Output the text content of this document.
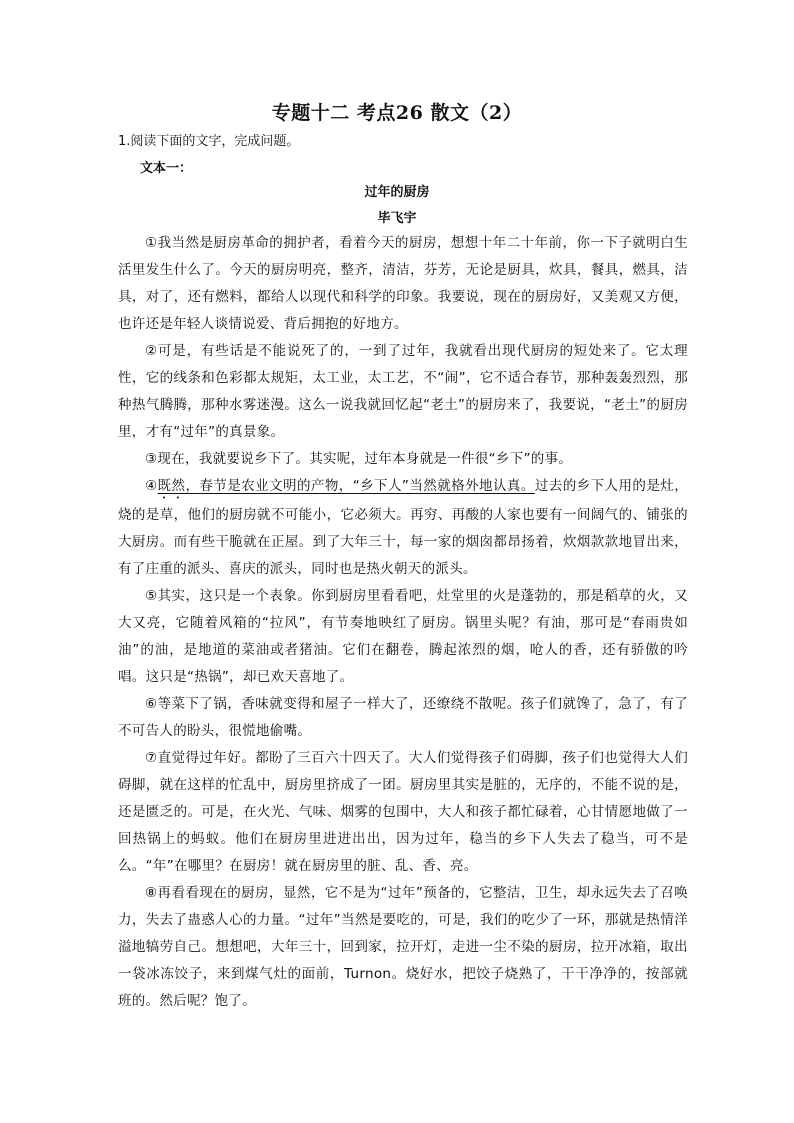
专题十二 考点26 散文（2）
1.阅读下面的文字，完成问题。
文本一：
过年的厨房
毕飞宇

①我当然是厨房革命的拥护者，看着今天的厨房，想想十年二十年前，你一下子就明白生活里发生什么了。今天的厨房明亮，整齐，清洁，芬芳，无论是厨具，炊具，餐具，燃具，洁具，对了，还有燃料，都给人以现代和科学的印象。我要说，现在的厨房好，又美观又方便，也许还是年轻人谈情说爱、背后拥抱的好地方。

②可是，有些话是不能说死了的，一到了过年，我就看出现代厨房的短处来了。它太理性，它的线条和色彩都太规矩，太工业，太工艺，不“闹”，它不适合春节，那种轰轰烈烈，那种热气腾腾，那种水雾迷漫。这么一说我就回忆起“老土”的厨房来了，我要说，“老土”的厨房里，才有“过年”的真景象。

③现在，我就要说乡下了。其实呢，过年本身就是一件很“乡下”的事。

④既然，春节是农业文明的产物，“乡下人”当然就格外地认真。过去的乡下人用的是灶，烧的是草，他们的厨房就不可能小，它必须大。再穷、再酸的人家也要有一间阔气的、铺张的大厨房。而有些干脆就在正屋。到了大年三十，每一家的烟囱都昂扬着，炊烟款款地冒出来，有了庄重的派头、喜庆的派头，同时也是热火朝天的派头。

⑤其实，这只是一个表象。你到厨房里看看吧，灶堂里的火是蓬勃的，那是稻草的火，又大又亮，它随着风箱的“拉风”，有节奏地映红了厨房。锅里头呢？有油，那可是“春雨贵如油”的油，是地道的菜油或者猪油。它们在翻卷，腾起浓烈的烟，呛人的香，还有骄傲的吟唱。这只是“热锅”，却已欢天喜地了。

⑥等菜下了锅，香味就变得和屋子一样大了，还缭绕不散呢。孩子们就馋了，急了，有了不可告人的盼头，很慌地偷嘴。

⑦直觉得过年好。都盼了三百六十四天了。大人们觉得孩子们碍脚，孩子们也觉得大人们碍脚，就在这样的忙乱中，厨房里挤成了一团。厨房里其实是脏的，无序的，不能不说的是，还是匮乏的。可是，在火光、气味、烟雾的包围中，大人和孩子都忙碌着，心甘情愿地做了一回热锅上的蚂蚁。他们在厨房里进进出出，因为过年，稳当的乡下人失去了稳当，可不是么。“年”在哪里？在厨房！就在厨房里的脏、乱、香、亮。

⑧再看看现在的厨房，显然，它不是为“过年”预备的，它整洁，卫生，却永远失去了召唤力，失去了蛊惑人心的力量。“过年”当然是要吃的，可是，我们的吃少了一环，那就是热情洋溢地犒劳自己。想想吧，大年三十，回到家，拉开灯，走进一尘不染的厨房，拉开冰箱，取出一袋冰冻饺子，来到煤气灶的面前，Turnon。烧好水，把饺子烧熟了，干干净净的，按部就班的。然后呢？饱了。
